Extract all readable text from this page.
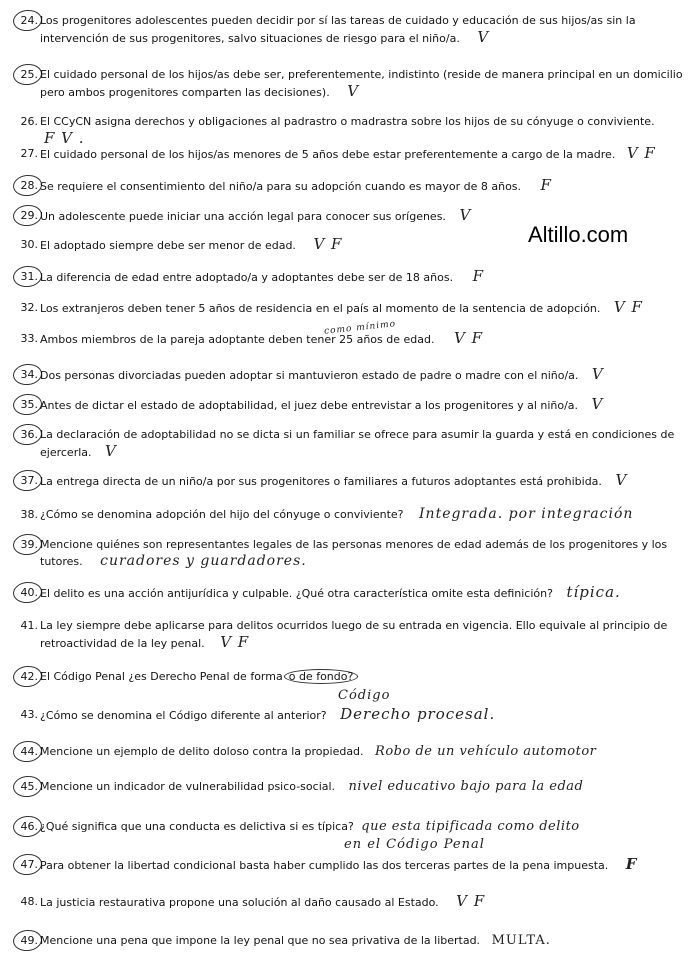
Altillo.com
24. Los progenitores adolescentes pueden decidir por sí las tareas de cuidado y educación de sus hijos/as sin la intervención de sus progenitores, salvo situaciones de riesgo para el niño/a. V
25. El cuidado personal de los hijos/as debe ser, preferentemente, indistinto (reside de manera principal en un domicilio pero ambos progenitores comparten las decisiones). V
26. El CCyCN asigna derechos y obligaciones al padrastro o madrastra sobre los hijos de su cónyuge o conviviente. F V .
27. El cuidado personal de los hijos/as menores de 5 años debe estar preferentemente a cargo de la madre. V F
28. Se requiere el consentimiento del niño/a para su adopción cuando es mayor de 8 años. F
29. Un adolescente puede iniciar una acción legal para conocer sus orígenes. V
30. El adoptado siempre debe ser menor de edad. V F
31. La diferencia de edad entre adoptado/a y adoptantes debe ser de 18 años. F
32. Los extranjeros deben tener 5 años de residencia en el país al momento de la sentencia de adopción. V F
33. Ambos miembros de la pareja adoptante deben tener 25 años de edad. V F
como mínimo
34. Dos personas divorciadas pueden adoptar si mantuvieron estado de padre o madre con el niño/a. V
35. Antes de dictar el estado de adoptabilidad, el juez debe entrevistar a los progenitores y al niño/a. V
36. La declaración de adoptabilidad no se dicta si un familiar se ofrece para asumir la guarda y está en condiciones de ejercerla. V
37. La entrega directa de un niño/a por sus progenitores o familiares a futuros adoptantes está prohibida. V
38. ¿Cómo se denomina adopción del hijo del cónyuge o conviviente? Integrada. por integración
39. Mencione quiénes son representantes legales de las personas menores de edad además de los progenitores y los tutores. curadores y guardadores.
40. El delito es una acción antijurídica y culpable. ¿Qué otra característica omite esta definición? típica.
41. La ley siempre debe aplicarse para delitos ocurridos luego de su entrada en vigencia. Ello equivale al principio de retroactividad de la ley penal. V F
42. El Código Penal ¿es Derecho Penal de forma o de fondo?
43. ¿Cómo se denomina el Código diferente al anterior? Derecho procesal.
Código
44. Mencione un ejemplo de delito doloso contra la propiedad. Robo de un vehículo automotor
45. Mencione un indicador de vulnerabilidad psico-social. nivel educativo bajo para la edad
46. ¿Qué significa que una conducta es delictiva si es típica? que esta tipificada como delito
en el Código Penal
47. Para obtener la libertad condicional basta haber cumplido las dos terceras partes de la pena impuesta. F
48. La justicia restaurativa propone una solución al daño causado al Estado. V F
49. Mencione una pena que impone la ley penal que no sea privativa de la libertad. MULTA.
